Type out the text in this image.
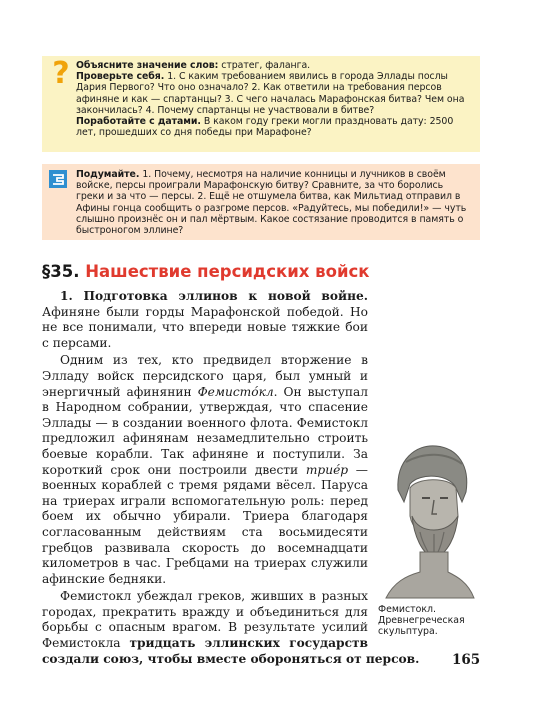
? Объясните значение слов: стратег, фаланга.
Проверьте себя. 1. С каким требованием явились в города Эллады послы Дария Первого? Что оно означало? 2. Как ответили на требования персов афиняне и как — спартанцы? 3. С чего началась Марафонская битва? Чем она закончилась? 4. Почему спартанцы не участвовали в битве?
Поработайте с датами. В каком году греки могли праздновать дату: 2500 лет, прошедших со дня победы при Марафоне?

Подумайте. 1. Почему, несмотря на наличие конницы и лучников в своём войске, персы проиграли Марафонскую битву? Сравните, за что боролись греки и за что — персы. 2. Ещё не отшумела битва, как Мильтиад отправил в Афины гонца сообщить о разгроме персов. «Радуйтесь, мы победили!» — чуть слышно произнёс он и пал мёртвым. Какое состязание проводится в память о быстроногом эллине?

§35. Нашествие персидских войск

1. Подготовка эллинов к новой войне. Афиняне были горды Марафонской победой. Но не все понимали, что впереди новые тяжкие бои с персами.

Одним из тех, кто предвидел вторжение в Элладу войск персидского царя, был умный и энергичный афинянин Фемистóкл. Он выступал в Народном собрании, утверждая, что спасение Эллады — в создании военного флота. Фемистокл предложил афинянам незамедлительно строить боевые корабли. Так афиняне и поступили. За короткий срок они построили двести триéр — военных кораблей с тремя рядами вёсел. Паруса на триерах играли вспомогательную роль: перед боем их обычно убирали. Триера благодаря согласованным действиям ста восьмидесяти гребцов развивала скорость до восемнадцати километров в час. Гребцами на триерах служили афинские бедняки.

Фемистокл убеждал греков, живших в разных городах, прекратить вражду и объединиться для борьбы с опасным врагом. В результате усилий Фемистокла тридцать эллинских государств создали союз, чтобы вместе обороняться от персов.

Фемистокл. Древнегреческая скульптура.
165
